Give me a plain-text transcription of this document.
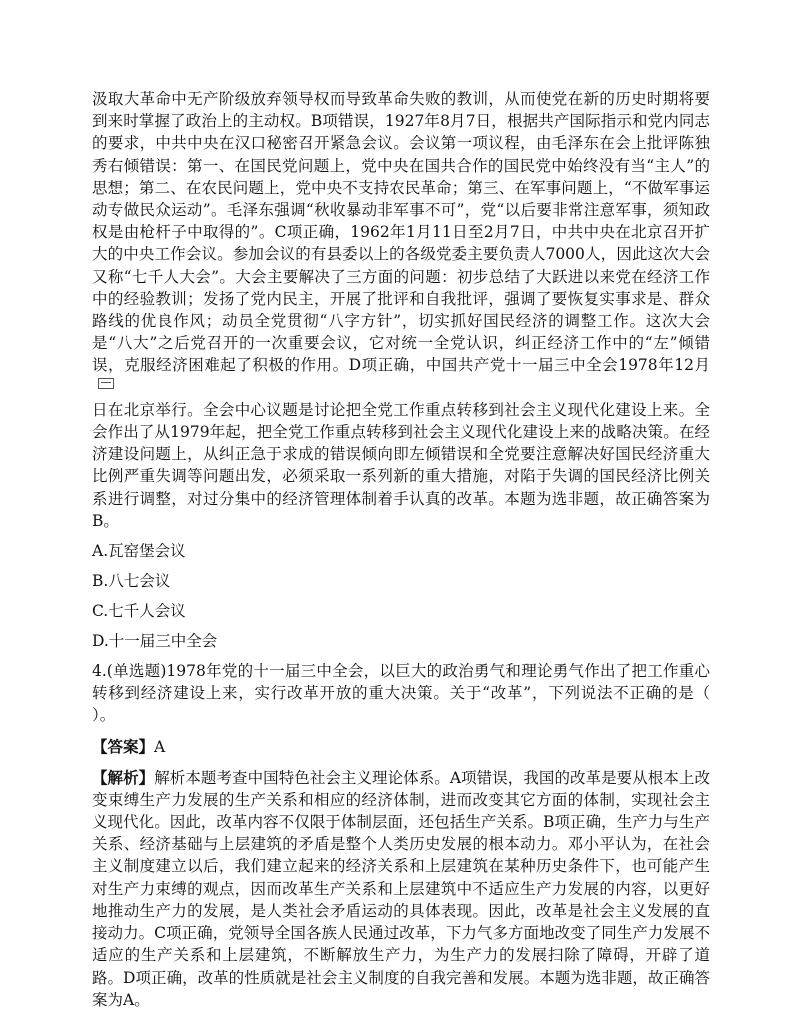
汲取大革命中无产阶级放弃领导权而导致革命失败的教训，从而使党在新的历史时期将要到来时掌握了政治上的主动权。B项错误，1927年8月7日，根据共产国际指示和党内同志的要求，中共中央在汉口秘密召开紧急会议。会议第一项议程，由毛泽东在会上批评陈独秀右倾错误：第一、在国民党问题上，党中央在国共合作的国民党中始终没有当“主人”的思想；第二、在农民问题上，党中央不支持农民革命；第三、在军事问题上，“不做军事运动专做民众运动”。毛泽东强调“秋收暴动非军事不可”，党“以后要非常注意军事，须知政权是由枪杆子中取得的”。C项正确，1962年1月11日至2月7日，中共中央在北京召开扩大的中央工作会议。参加会议的有县委以上的各级党委主要负责人7000人，因此这次大会又称“七千人大会”。大会主要解决了三方面的问题：初步总结了大跃进以来党在经济工作中的经验教训；发扬了党内民主，开展了批评和自我批评，强调了要恢复实事求是、群众路线的优良作风；动员全党贯彻“八字方针”，切实抓好国民经济的调整工作。这次大会是“八大”之后党召开的一次重要会议，它对统一全党认识，纠正经济工作中的“左”倾错误，克服经济困难起了积极的作用。D项正确，中国共产党十一届三中全会1978年12月

日在北京举行。全会中心议题是讨论把全党工作重点转移到社会主义现代化建设上来。全会作出了从1979年起，把全党工作重点转移到社会主义现代化建设上来的战略决策。在经济建设问题上，从纠正急于求成的错误倾向即左倾错误和全党要注意解决好国民经济重大比例严重失调等问题出发，必须采取一系列新的重大措施，对陷于失调的国民经济比例关系进行调整，对过分集中的经济管理体制着手认真的改革。本题为选非题，故正确答案为B。

A.瓦窑堡会议

B.八七会议

C.七千人会议

D.十一届三中全会

4.(单选题)1978年党的十一届三中全会，以巨大的政治勇气和理论勇气作出了把工作重心转移到经济建设上来，实行改革开放的重大决策。关于“改革”，下列说法不正确的是（　　）。

【答案】A

【解析】解析本题考查中国特色社会主义理论体系。A项错误，我国的改革是要从根本上改变束缚生产力发展的生产关系和相应的经济体制，进而改变其它方面的体制，实现社会主义现代化。因此，改革内容不仅限于体制层面，还包括生产关系。B项正确，生产力与生产关系、经济基础与上层建筑的矛盾是整个人类历史发展的根本动力。邓小平认为，在社会主义制度建立以后，我们建立起来的经济关系和上层建筑在某种历史条件下，也可能产生对生产力束缚的观点，因而改革生产关系和上层建筑中不适应生产力发展的内容，以更好地推动生产力的发展，是人类社会矛盾运动的具体表现。因此，改革是社会主义发展的直接动力。C项正确，党领导全国各族人民通过改革，下力气多方面地改变了同生产力发展不适应的生产关系和上层建筑，不断解放生产力，为生产力的发展扫除了障碍，开辟了道路。D项正确，改革的性质就是社会主义制度的自我完善和发展。本题为选非题，故正确答案为A。
